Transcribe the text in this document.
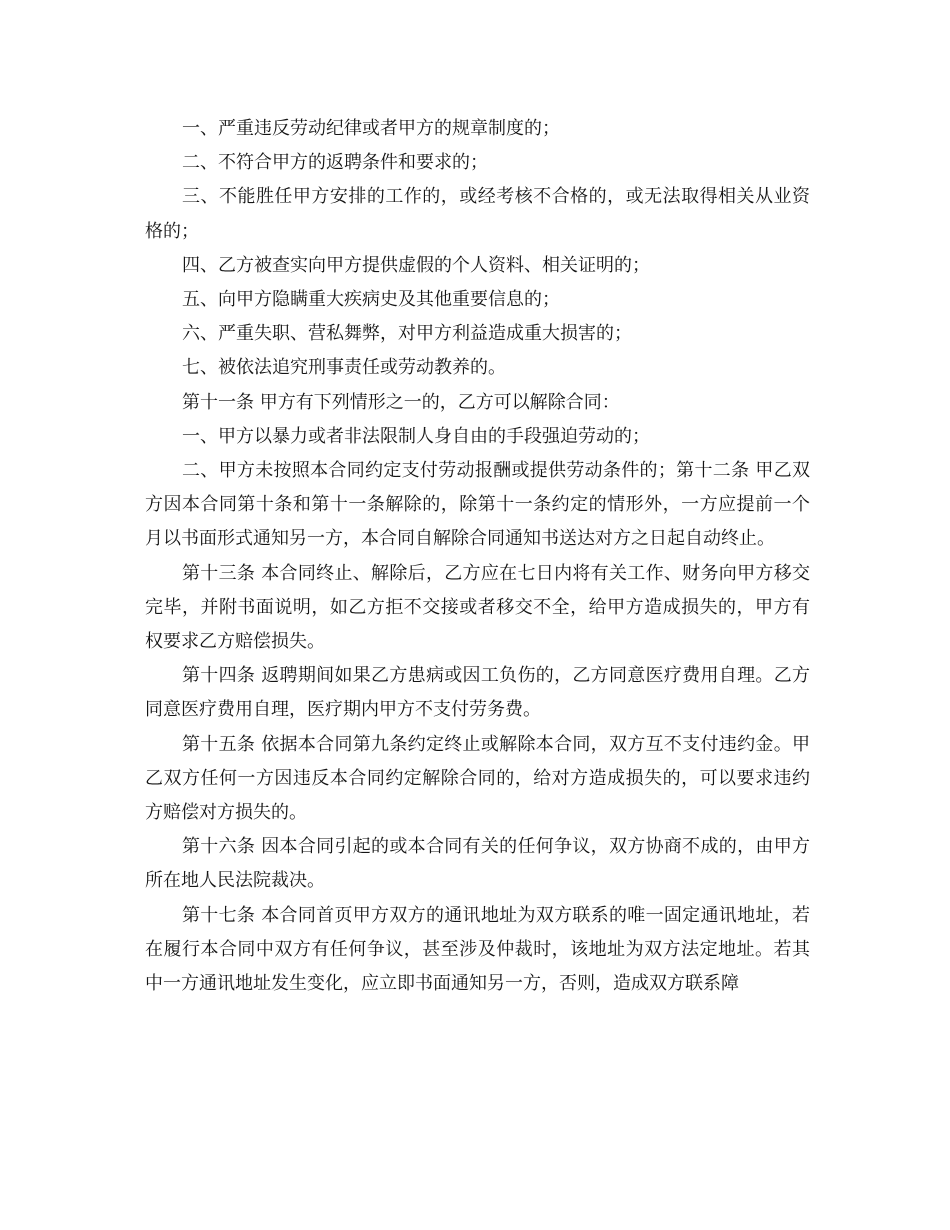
一、严重违反劳动纪律或者甲方的规章制度的；

二、不符合甲方的返聘条件和要求的；

三、不能胜任甲方安排的工作的，或经考核不合格的，或无法取得相关从业资格的；

四、乙方被查实向甲方提供虚假的个人资料、相关证明的；

五、向甲方隐瞒重大疾病史及其他重要信息的；

六、严重失职、营私舞弊，对甲方利益造成重大损害的；

七、被依法追究刑事责任或劳动教养的。

第十一条 甲方有下列情形之一的，乙方可以解除合同：

一、甲方以暴力或者非法限制人身自由的手段强迫劳动的；

二、甲方未按照本合同约定支付劳动报酬或提供劳动条件的；第十二条 甲乙双方因本合同第十条和第十一条解除的，除第十一条约定的情形外，一方应提前一个月以书面形式通知另一方，本合同自解除合同通知书送达对方之日起自动终止。

第十三条 本合同终止、解除后，乙方应在七日内将有关工作、财务向甲方移交完毕，并附书面说明，如乙方拒不交接或者移交不全，给甲方造成损失的，甲方有权要求乙方赔偿损失。

第十四条 返聘期间如果乙方患病或因工负伤的，乙方同意医疗费用自理。乙方同意医疗费用自理，医疗期内甲方不支付劳务费。

第十五条 依据本合同第九条约定终止或解除本合同，双方互不支付违约金。甲乙双方任何一方因违反本合同约定解除合同的，给对方造成损失的，可以要求违约方赔偿对方损失的。

第十六条 因本合同引起的或本合同有关的任何争议，双方协商不成的，由甲方所在地人民法院裁决。

第十七条 本合同首页甲方双方的通讯地址为双方联系的唯一固定通讯地址，若在履行本合同中双方有任何争议，甚至涉及仲裁时，该地址为双方法定地址。若其中一方通讯地址发生变化，应立即书面通知另一方，否则，造成双方联系障
